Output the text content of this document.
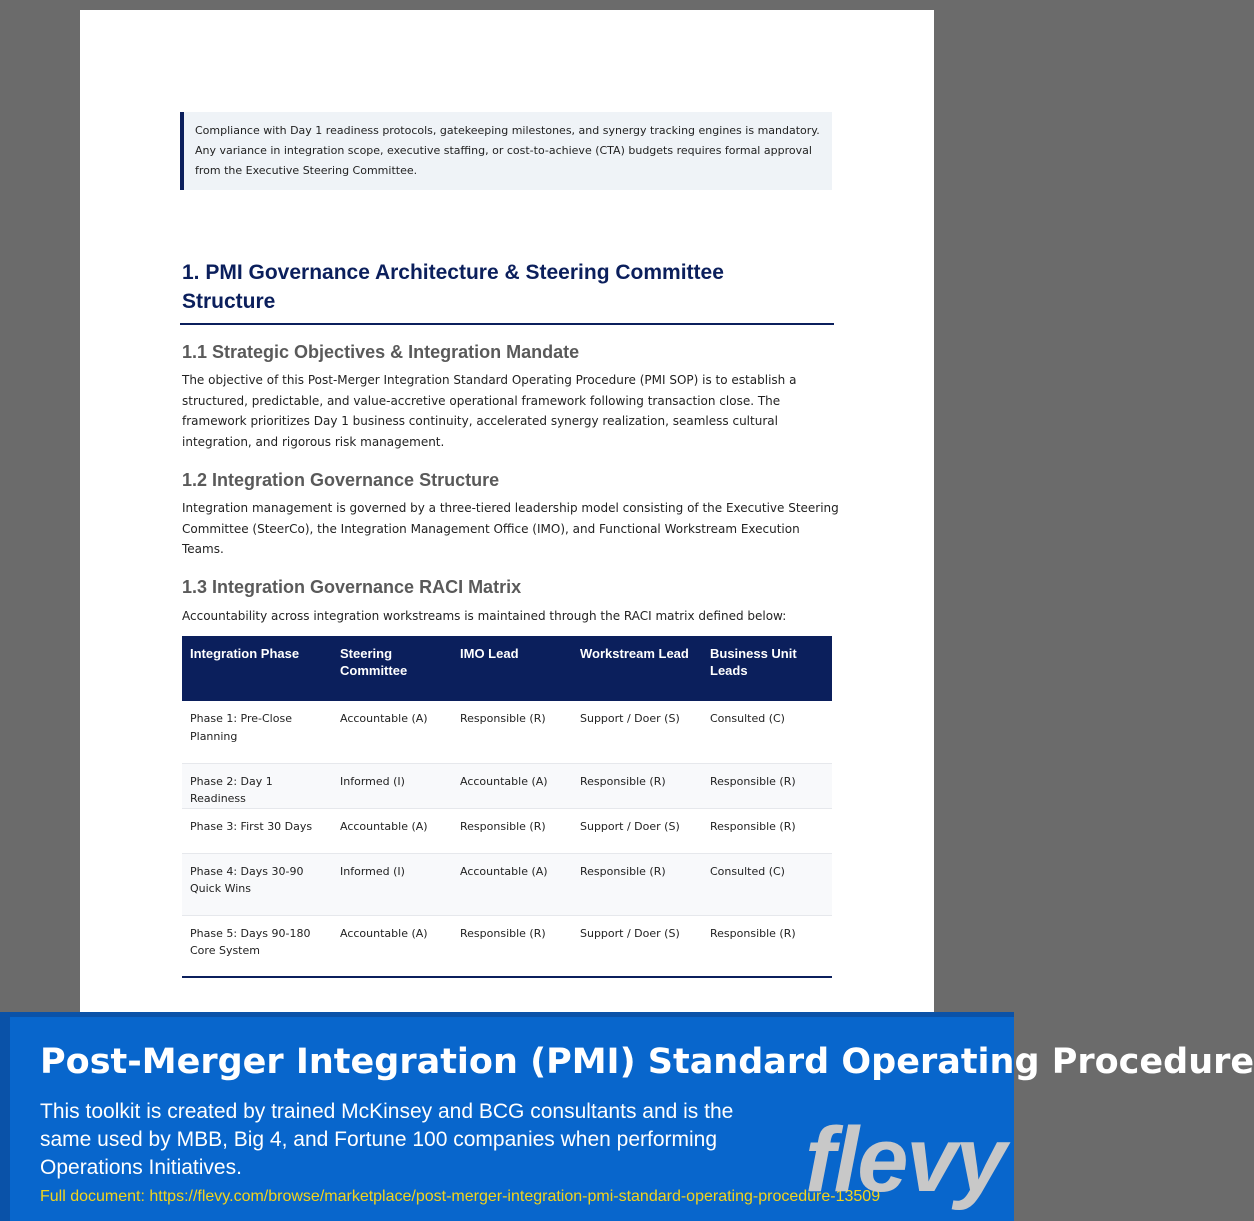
Compliance with Day 1 readiness protocols, gatekeeping milestones, and synergy tracking engines is mandatory.
Any variance in integration scope, executive staffing, or cost-to-achieve (CTA) budgets requires formal approval
from the Executive Steering Committee.
1. PMI Governance Architecture & Steering Committee
Structure
1.1 Strategic Objectives & Integration Mandate
The objective of this Post-Merger Integration Standard Operating Procedure (PMI SOP) is to establish a
structured, predictable, and value-accretive operational framework following transaction close. The
framework prioritizes Day 1 business continuity, accelerated synergy realization, seamless cultural
integration, and rigorous risk management.
1.2 Integration Governance Structure
Integration management is governed by a three-tiered leadership model consisting of the Executive Steering
Committee (SteerCo), the Integration Management Office (IMO), and Functional Workstream Execution
Teams.
1.3 Integration Governance RACI Matrix
Accountability across integration workstreams is maintained through the RACI matrix defined below:
Integration Phase	Steering Committee	IMO Lead	Workstream Lead	Business Unit Leads
Phase 1: Pre-Close Planning	Accountable (A)	Responsible (R)	Support / Doer (S)	Consulted (C)
Phase 2: Day 1 Readiness	Informed (I)	Accountable (A)	Responsible (R)	Responsible (R)
Phase 3: First 30 Days	Accountable (A)	Responsible (R)	Support / Doer (S)	Responsible (R)
Phase 4: Days 30-90 Quick Wins	Informed (I)	Accountable (A)	Responsible (R)	Consulted (C)
Phase 5: Days 90-180 Core System	Accountable (A)	Responsible (R)	Support / Doer (S)	Responsible (R)
Post-Merger Integration (PMI) Standard Operating Procedure
This toolkit is created by trained McKinsey and BCG consultants and is the
same used by MBB, Big 4, and Fortune 100 companies when performing
Operations Initiatives.
Full document: https://flevy.com/browse/marketplace/post-merger-integration-pmi-standard-operating-procedure-13509
flevy
